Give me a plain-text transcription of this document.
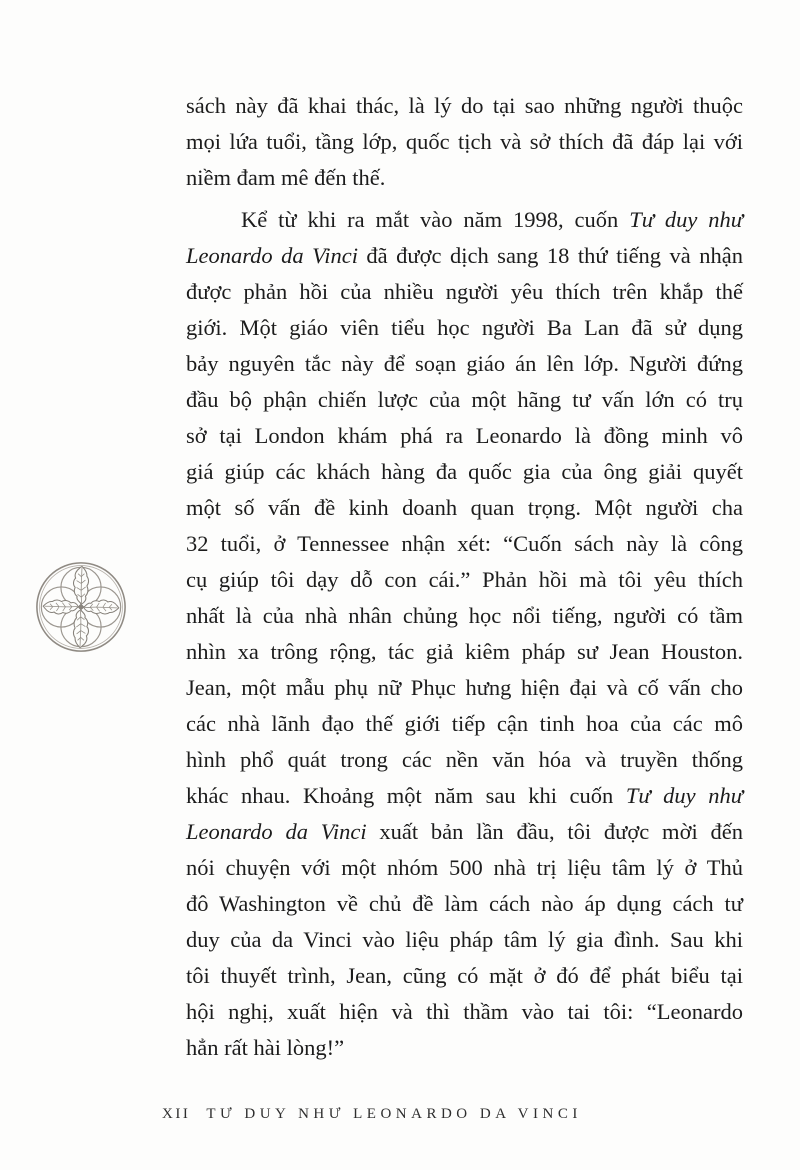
sách này đã khai thác, là lý do tại sao những người thuộc
mọi lứa tuổi, tầng lớp, quốc tịch và sở thích đã đáp lại với
niềm đam mê đến thế.
Kể từ khi ra mắt vào năm 1998, cuốn Tư duy như
Leonardo da Vinci đã được dịch sang 18 thứ tiếng và nhận
được phản hồi của nhiều người yêu thích trên khắp thế
giới. Một giáo viên tiểu học người Ba Lan đã sử dụng
bảy nguyên tắc này để soạn giáo án lên lớp. Người đứng
đầu bộ phận chiến lược của một hãng tư vấn lớn có trụ
sở tại London khám phá ra Leonardo là đồng minh vô
giá giúp các khách hàng đa quốc gia của ông giải quyết
một số vấn đề kinh doanh quan trọng. Một người cha
32 tuổi, ở Tennessee nhận xét: “Cuốn sách này là công
cụ giúp tôi dạy dỗ con cái.” Phản hồi mà tôi yêu thích
nhất là của nhà nhân chủng học nổi tiếng, người có tầm
nhìn xa trông rộng, tác giả kiêm pháp sư Jean Houston.
Jean, một mẫu phụ nữ Phục hưng hiện đại và cố vấn cho
các nhà lãnh đạo thế giới tiếp cận tinh hoa của các mô
hình phổ quát trong các nền văn hóa và truyền thống
khác nhau. Khoảng một năm sau khi cuốn Tư duy như
Leonardo da Vinci xuất bản lần đầu, tôi được mời đến
nói chuyện với một nhóm 500 nhà trị liệu tâm lý ở Thủ
đô Washington về chủ đề làm cách nào áp dụng cách tư
duy của da Vinci vào liệu pháp tâm lý gia đình. Sau khi
tôi thuyết trình, Jean, cũng có mặt ở đó để phát biểu tại
hội nghị, xuất hiện và thì thầm vào tai tôi: “Leonardo
hẳn rất hài lòng!”
XII TƯ DUY NHƯ LEONARDO DA VINCI
